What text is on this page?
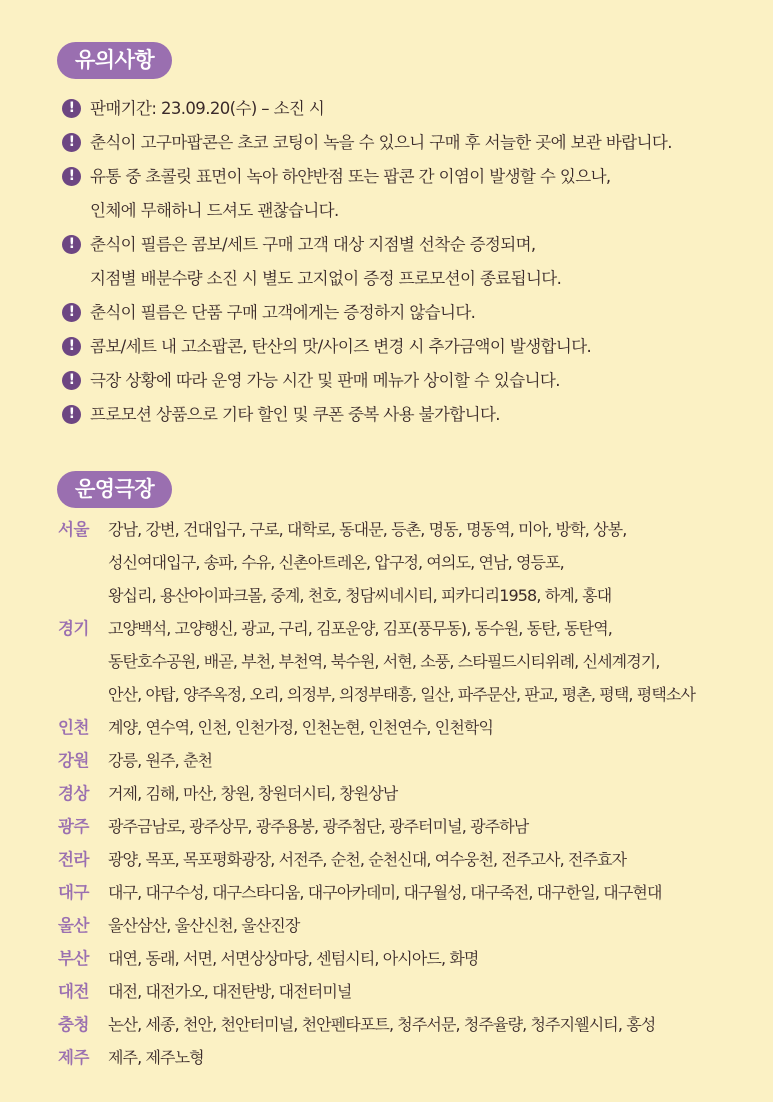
유의사항
! 판매기간: 23.09.20(수) – 소진 시
! 춘식이 고구마팝콘은 초코 코팅이 녹을 수 있으니 구매 후 서늘한 곳에 보관 바랍니다.
! 유통 중 초콜릿 표면이 녹아 하얀반점 또는 팝콘 간 이염이 발생할 수 있으나,
인체에 무해하니 드셔도 괜찮습니다.
! 춘식이 필름은 콤보/세트 구매 고객 대상 지점별 선착순 증정되며,
지점별 배분수량 소진 시 별도 고지없이 증정 프로모션이 종료됩니다.
! 춘식이 필름은 단품 구매 고객에게는 증정하지 않습니다.
! 콤보/세트 내 고소팝콘, 탄산의 맛/사이즈 변경 시 추가금액이 발생합니다.
! 극장 상황에 따라 운영 가능 시간 및 판매 메뉴가 상이할 수 있습니다.
! 프로모션 상품으로 기타 할인 및 쿠폰 중복 사용 불가합니다.
운영극장
서울	강남, 강변, 건대입구, 구로, 대학로, 동대문, 등촌, 명동, 명동역, 미아, 방학, 상봉,
성신여대입구, 송파, 수유, 신촌아트레온, 압구정, 여의도, 연남, 영등포,
왕십리, 용산아이파크몰, 중계, 천호, 청담씨네시티, 피카디리1958, 하계, 홍대
경기	고양백석, 고양행신, 광교, 구리, 김포운양, 김포(풍무동), 동수원, 동탄, 동탄역,
동탄호수공원, 배곧, 부천, 부천역, 북수원, 서현, 소풍, 스타필드시티위례, 신세계경기,
안산, 야탑, 양주옥정, 오리, 의정부, 의정부태흥, 일산, 파주문산, 판교, 평촌, 평택, 평택소사
인천	계양, 연수역, 인천, 인천가정, 인천논현, 인천연수, 인천학익
강원	강릉, 원주, 춘천
경상	거제, 김해, 마산, 창원, 창원더시티, 창원상남
광주	광주금남로, 광주상무, 광주용봉, 광주첨단, 광주터미널, 광주하남
전라	광양, 목포, 목포평화광장, 서전주, 순천, 순천신대, 여수웅천, 전주고사, 전주효자
대구	대구, 대구수성, 대구스타디움, 대구아카데미, 대구월성, 대구죽전, 대구한일, 대구현대
울산	울산삼산, 울산신천, 울산진장
부산	대연, 동래, 서면, 서면상상마당, 센텀시티, 아시아드, 화명
대전	대전, 대전가오, 대전탄방, 대전터미널
충청	논산, 세종, 천안, 천안터미널, 천안펜타포트, 청주서문, 청주율량, 청주지웰시티, 홍성
제주	제주, 제주노형
